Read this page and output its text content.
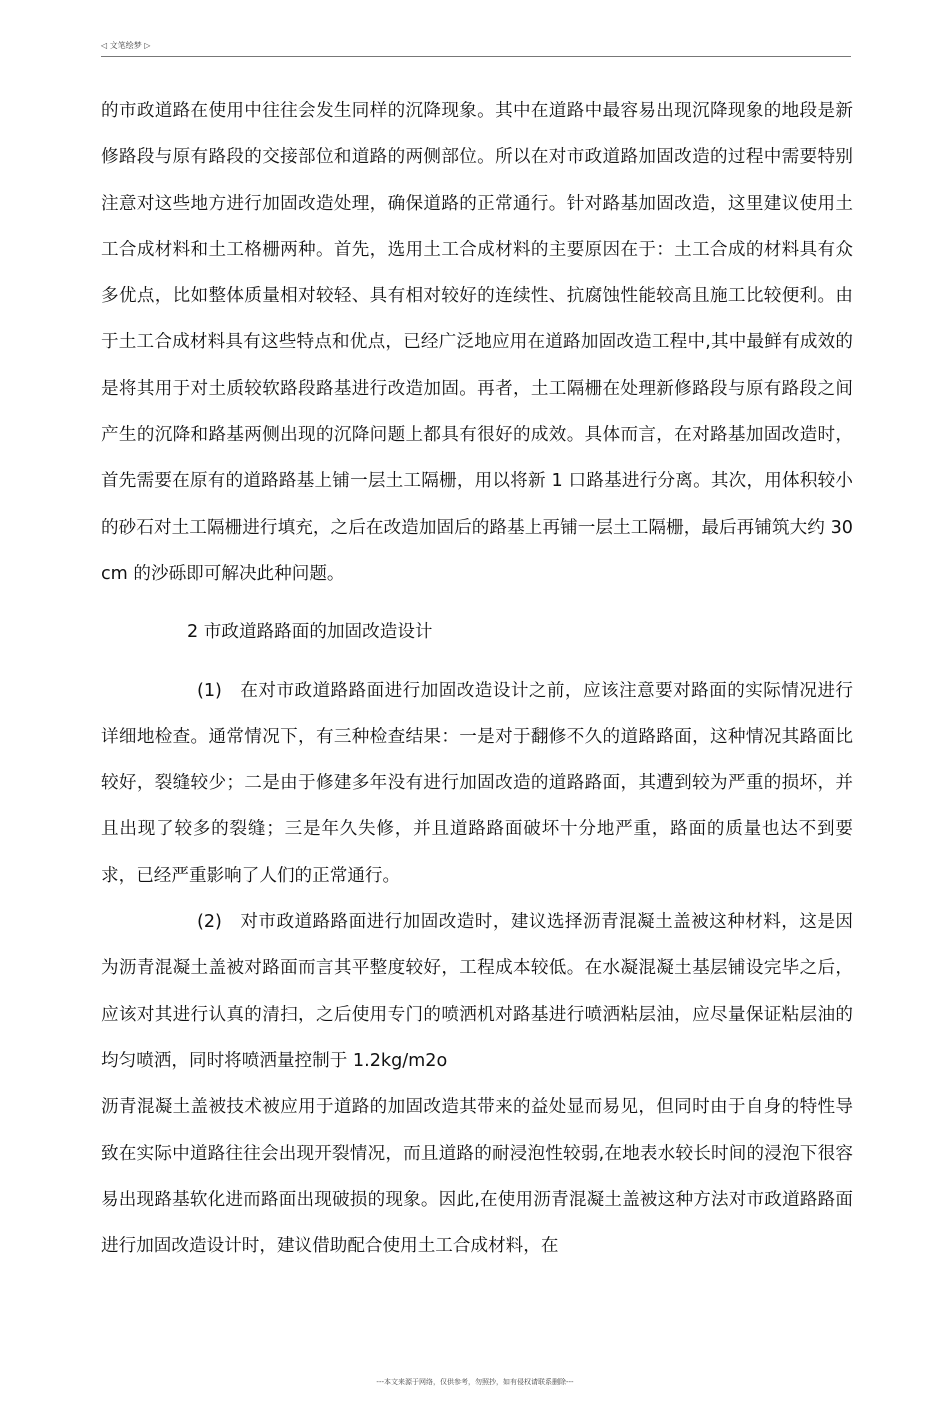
◁ 文笔绘梦 ▷

的市政道路在使用中往往会发生同样的沉降现象。其中在道路中最容易出现沉降现象的地段是新修路段与原有路段的交接部位和道路的两侧部位。所以在对市政道路加固改造的过程中需要特别注意对这些地方进行加固改造处理，确保道路的正常通行。针对路基加固改造，这里建议使用土工合成材料和土工格栅两种。首先，选用土工合成材料的主要原因在于：土工合成的材料具有众多优点，比如整体质量相对较轻、具有相对较好的连续性、抗腐蚀性能较高且施工比较便利。由于土工合成材料具有这些特点和优点，已经广泛地应用在道路加固改造工程中,其中最鲜有成效的是将其用于对土质较软路段路基进行改造加固。再者，土工隔栅在处理新修路段与原有路段之间产生的沉降和路基两侧出现的沉降问题上都具有很好的成效。具体而言，在对路基加固改造时，首先需要在原有的道路路基上铺一层土工隔栅，用以将新 1 口路基进行分离。其次，用体积较小的砂石对土工隔栅进行填充，之后在改造加固后的路基上再铺一层土工隔栅，最后再铺筑大约 30cm 的沙砾即可解决此种问题。

2 市政道路路面的加固改造设计

(1)　在对市政道路路面进行加固改造设计之前，应该注意要对路面的实际情况进行详细地检查。通常情况下，有三种检查结果：一是对于翻修不久的道路路面，这种情况其路面比较好，裂缝较少；二是由于修建多年没有进行加固改造的道路路面，其遭到较为严重的损坏，并且出现了较多的裂缝；三是年久失修，并且道路路面破坏十分地严重，路面的质量也达不到要求，已经严重影响了人们的正常通行。

(2)　对市政道路路面进行加固改造时，建议选择沥青混凝土盖被这种材料，这是因为沥青混凝土盖被对路面而言其平整度较好，工程成本较低。在水凝混凝土基层铺设完毕之后，应该对其进行认真的清扫，之后使用专门的喷洒机对路基进行喷洒粘层油，应尽量保证粘层油的均匀喷洒，同时将喷洒量控制于 1.2kg/m2o

沥青混凝土盖被技术被应用于道路的加固改造其带来的益处显而易见，但同时由于自身的特性导致在实际中道路往往会出现开裂情况，而且道路的耐浸泡性较弱,在地表水较长时间的浸泡下很容易出现路基软化进而路面出现破损的现象。因此,在使用沥青混凝土盖被这种方法对市政道路路面进行加固改造设计时，建议借助配合使用土工合成材料，在

---本文来源于网络，仅供参考，勿照抄，如有侵权请联系删除---
